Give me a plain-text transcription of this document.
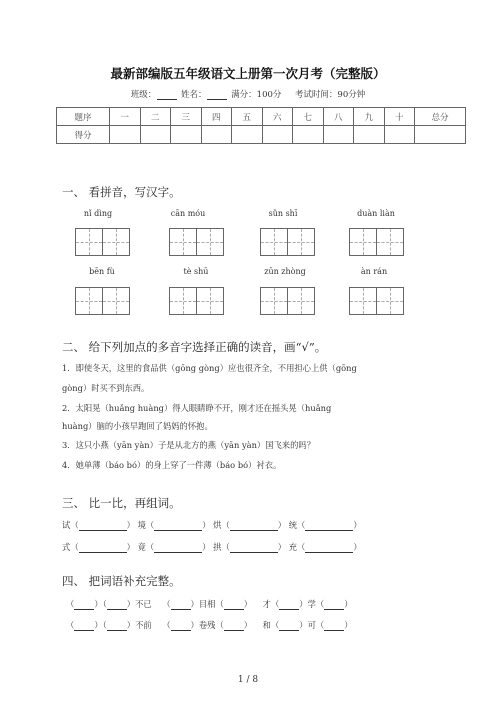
最新部编版五年级语文上册第一次月考（完整版）
班级：	姓名：	满分：100分 考试时间：90分钟
题序	一	二	三	四	五	六	七	八	九	十	总分
得分											
一、 看拼音，写汉字。
nǐ dìng	cān móu	sǔn shī	duàn liàn
bēn fù	tè shū	zūn zhòng	àn rán
二、 给下列加点的多音字选择正确的读音，画“√”。
1．即使冬天，这里的食品供（gōng gòng）应也很齐全，不用担心上供（gōng
gòng）时买不到东西。
2．太阳晃（huǎng huàng）得人眼睛睁不开，刚才还在摇头晃（huǎng
huàng）脑的小孩早跑回了妈妈的怀抱。
3．这只小燕（yān yàn）子是从北方的燕（yān yàn）国飞来的吗？
4．她单薄（báo bó）的身上穿了一件薄（báo bó）衬衣。
三、 比一比，再组词。
试（	） 境（	） 烘（	） 统（	）
式（	） 竟（	） 拱（	） 充（	）
四、 把词语补充完整。
（ ）（ ）不已    （ ）目相（ ）    才（ ）学（ ）
（ ）（ ）不前    （ ）卷残（ ）    和（ ）可（ ）
1 / 8
